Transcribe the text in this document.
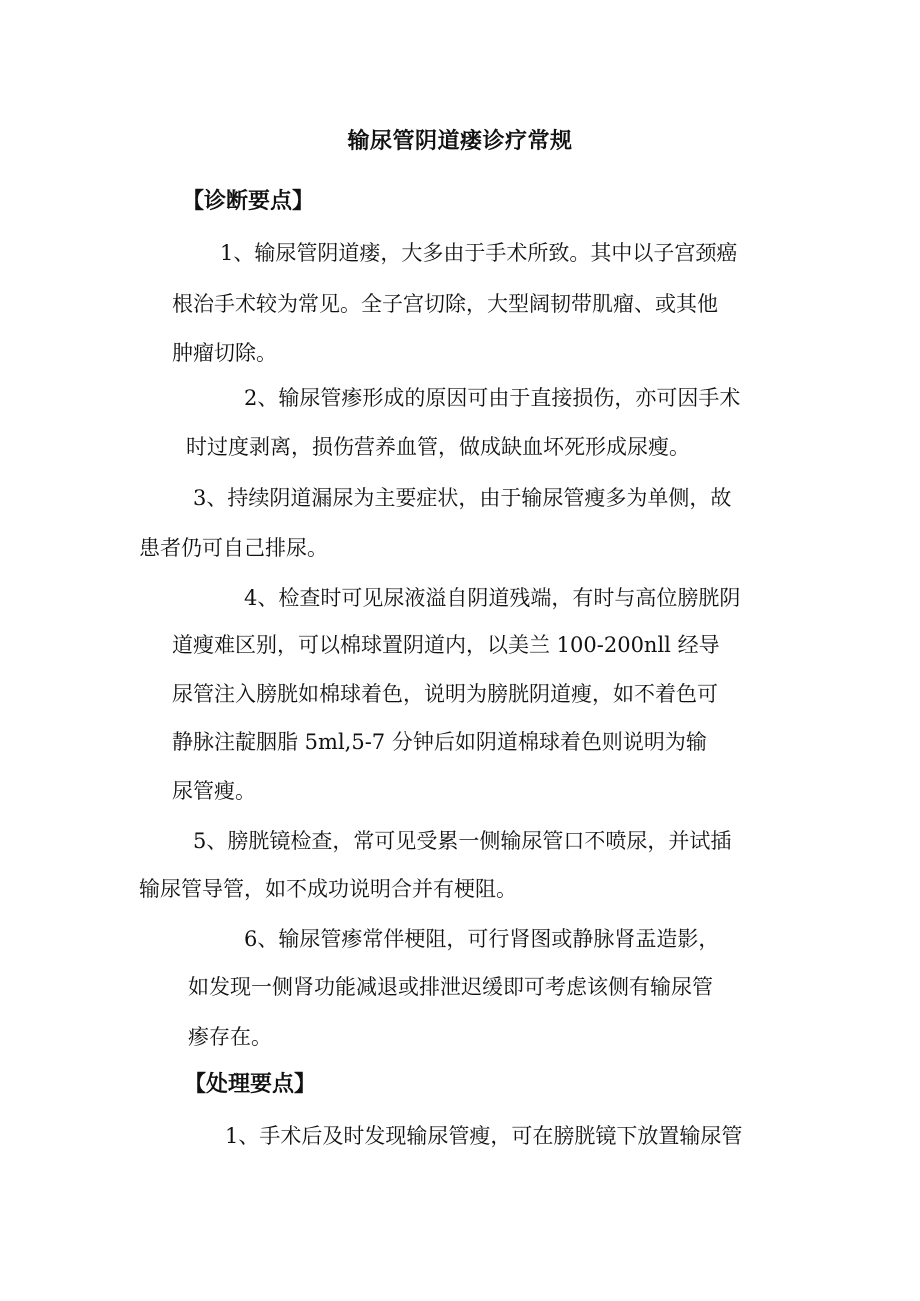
输尿管阴道瘘诊疗常规
【诊断要点】
1、输尿管阴道瘘，大多由于手术所致。其中以子宫颈癌
根治手术较为常见。全子宫切除，大型阔韧带肌瘤、或其他
肿瘤切除。
2、输尿管瘆形成的原因可由于直接损伤，亦可因手术
时过度剥离，损伤营养血管，做成缺血坏死形成尿瘦。
3、持续阴道漏尿为主要症状，由于输尿管瘦多为单侧，故
患者仍可自己排尿。
4、检查时可见尿液溢自阴道残端，有时与高位膀胱阴
道瘦难区别，可以棉球置阴道内，以美兰 100-200nll 经导
尿管注入膀胱如棉球着色，说明为膀胱阴道瘦，如不着色可
静脉注靛胭脂 5ml,5-7 分钟后如阴道棉球着色则说明为输
尿管瘦。
5、膀胱镜检查，常可见受累一侧输尿管口不喷尿，并试插
输尿管导管，如不成功说明合并有梗阻。
6、输尿管瘆常伴梗阻，可行肾图或静脉肾盂造影，
如发现一侧肾功能减退或排泄迟缓即可考虑该侧有输尿管
瘆存在。
【处理要点】
1、手术后及时发现输尿管瘦，可在膀胱镜下放置输尿管
